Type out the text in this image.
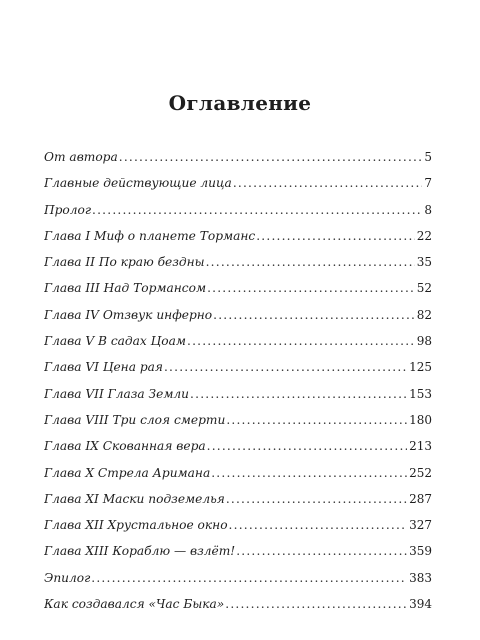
Оглавление
От автора .....	5
Главные действующие лица .....	7
Пролог .....	8
Глава I Миф о планете Торманс .....	22
Глава II По краю бездны .....	35
Глава III Над Тормансом .....	52
Глава IV Отзвук инферно .....	82
Глава V В садах Цоам .....	98
Глава VI Цена рая .....	125
Глава VII Глаза Земли .....	153
Глава VIII Три слоя смерти .....	180
Глава IX Скованная вера .....	213
Глава X Стрела Аримана .....	252
Глава XI Маски подземелья .....	287
Глава XII Хрустальное окно .....	327
Глава XIII Кораблю — взлёт! .....	359
Эпилог .....	383
Как создавался «Час Быка» .....	394
